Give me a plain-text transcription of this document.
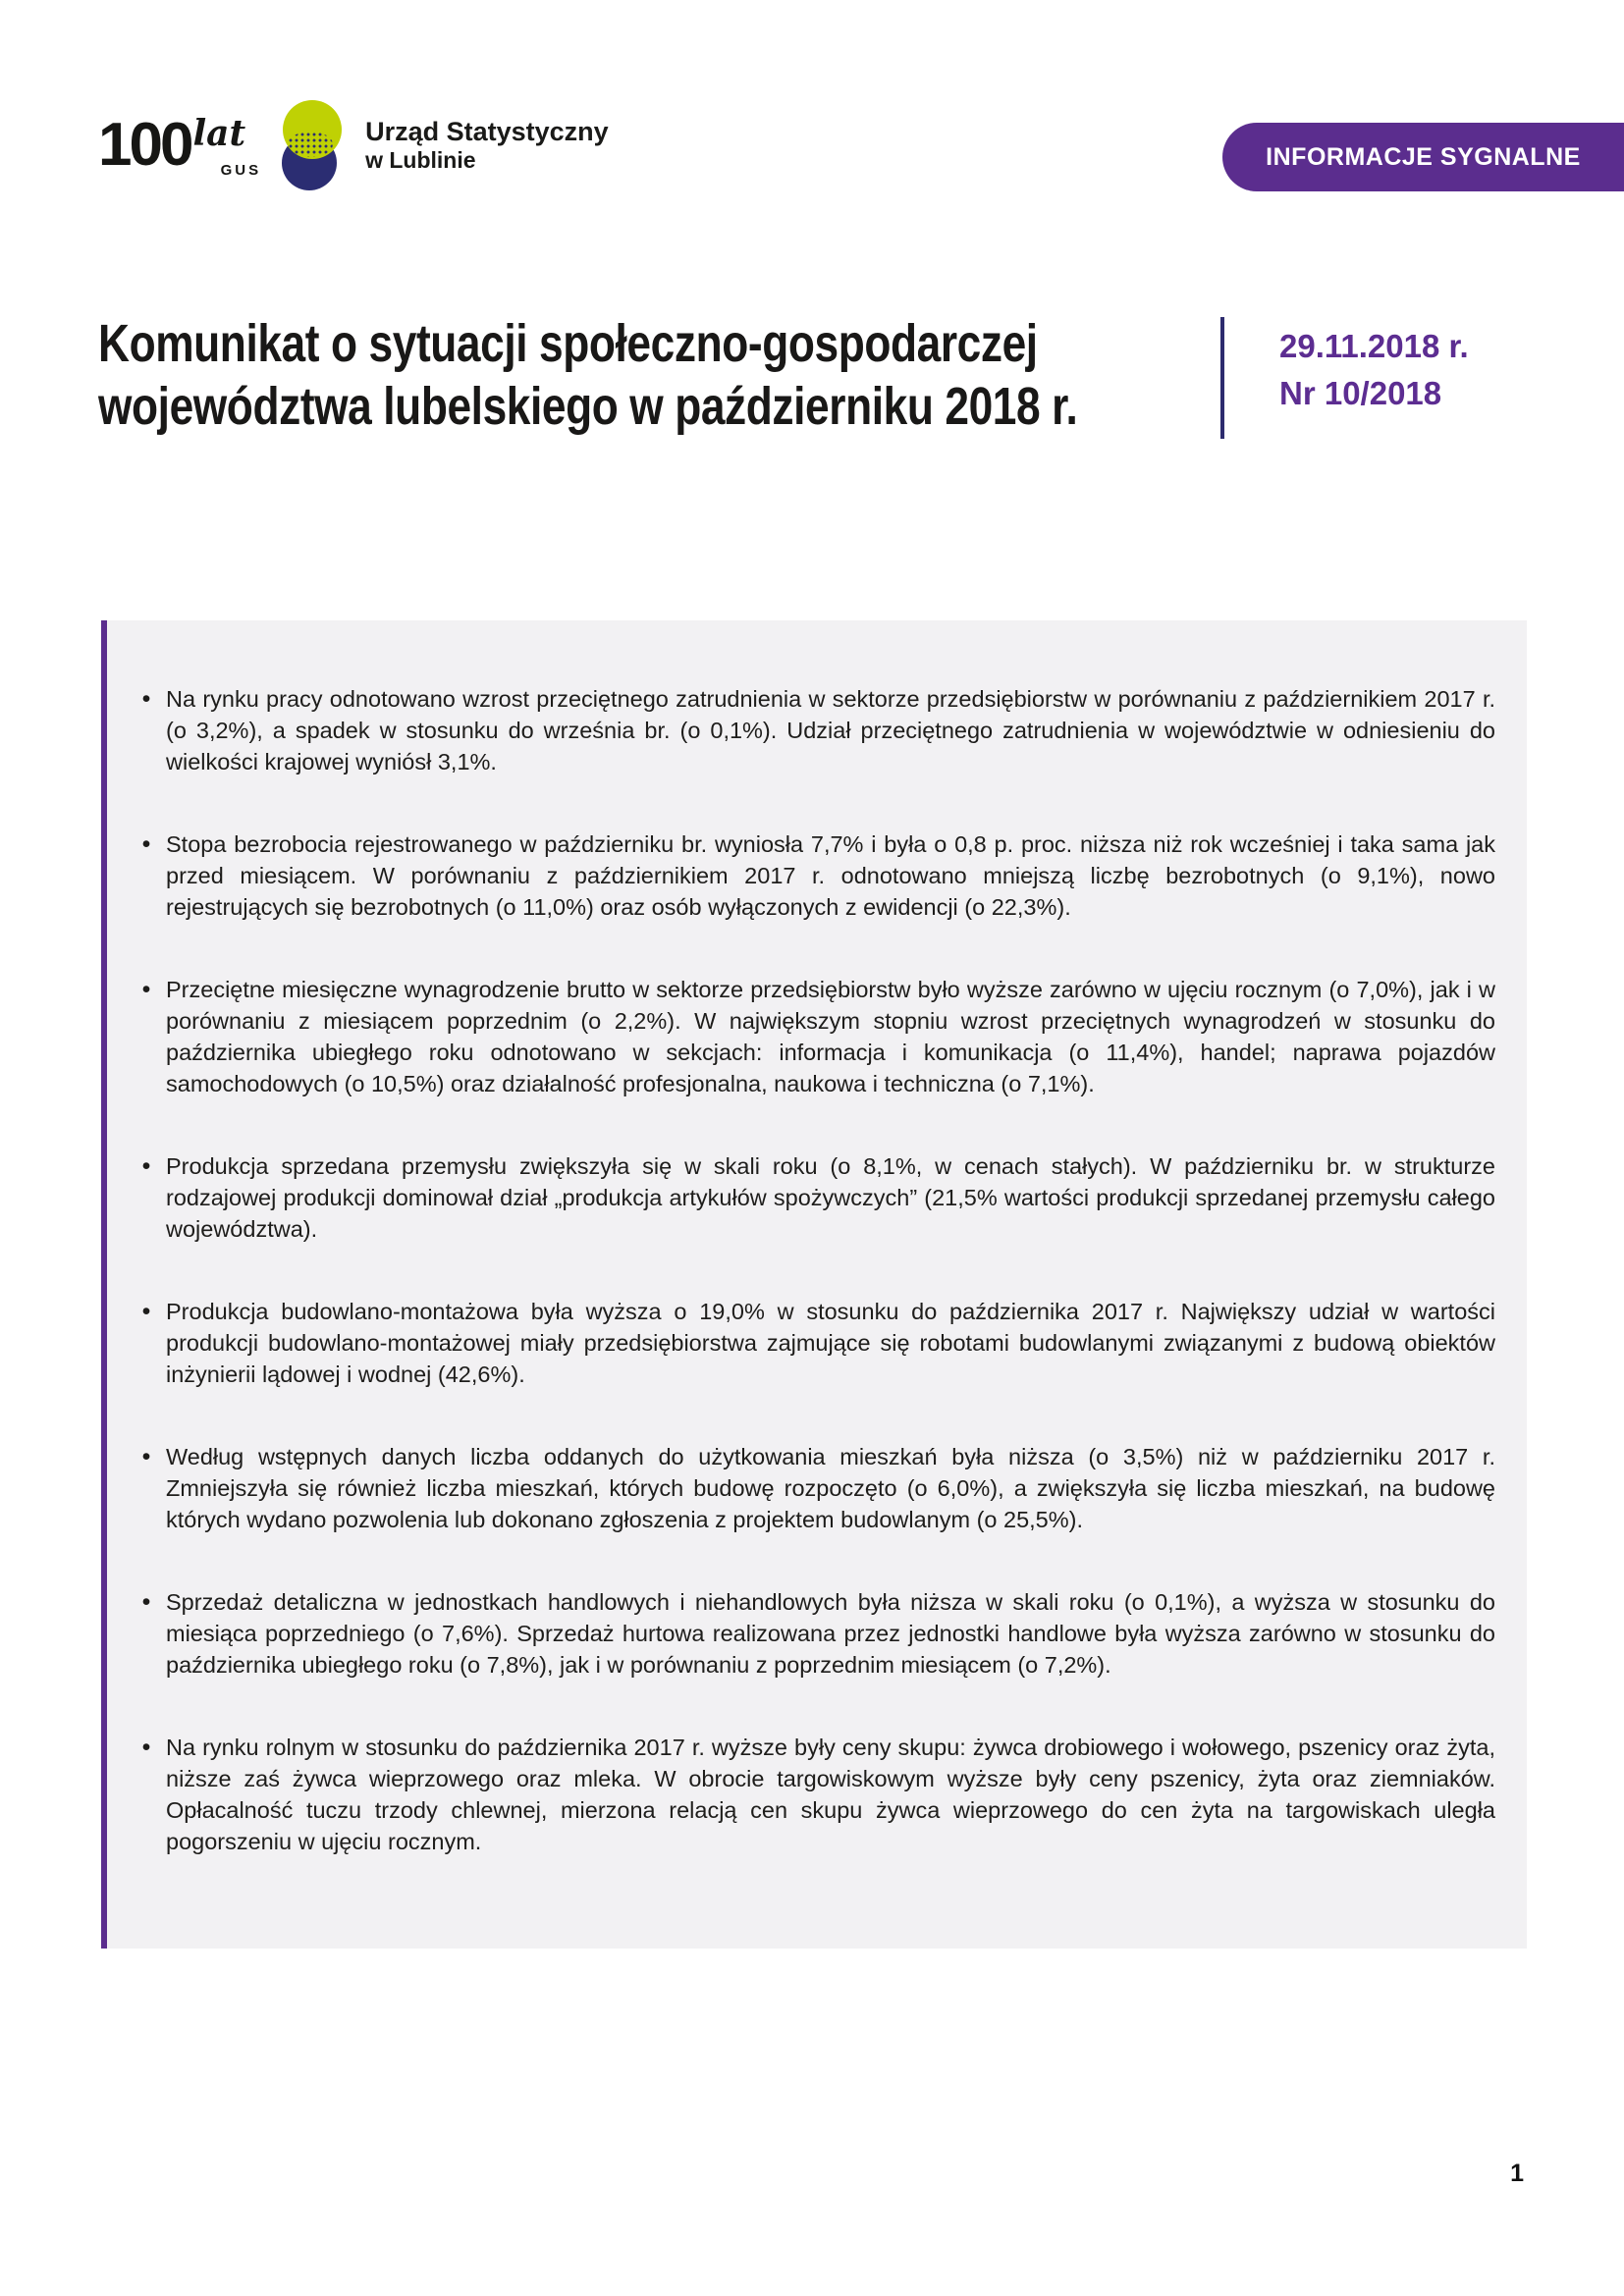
100 lat
GUS
Urząd Statystyczny
w Lublinie	INFORMACJE SYGNALNE
Komunikat o sytuacji społeczno-gospodarczej
województwa lubelskiego w październiku 2018 r.
29.11.2018 r.
Nr 10/2018
• Na rynku pracy odnotowano wzrost przeciętnego zatrudnienia w sektorze przedsiębiorstw w porównaniu z październikiem 2017 r. (o 3,2%), a spadek w stosunku do września br. (o 0,1%). Udział przeciętnego zatrudnienia w województwie w odniesieniu do wielkości krajowej wyniósł 3,1%.
• Stopa bezrobocia rejestrowanego w październiku br. wyniosła 7,7% i była o 0,8 p. proc. niższa niż rok wcześniej i taka sama jak przed miesiącem. W porównaniu z październikiem 2017 r. odnotowano mniejszą liczbę bezrobotnych (o 9,1%), nowo rejestrujących się bezrobotnych (o 11,0%) oraz osób wyłączonych z ewidencji (o 22,3%).
• Przeciętne miesięczne wynagrodzenie brutto w sektorze przedsiębiorstw było wyższe zarówno w ujęciu rocznym (o 7,0%), jak i w porównaniu z miesiącem poprzednim (o 2,2%). W największym stopniu wzrost przeciętnych wynagrodzeń w stosunku do października ubiegłego roku odnotowano w sekcjach: informacja i komunikacja (o 11,4%), handel; naprawa pojazdów samochodowych (o 10,5%) oraz działalność profesjonalna, naukowa i techniczna (o 7,1%).
• Produkcja sprzedana przemysłu zwiększyła się w skali roku (o 8,1%, w cenach stałych). W październiku br. w strukturze rodzajowej produkcji dominował dział „produkcja artykułów spożywczych” (21,5% wartości produkcji sprzedanej przemysłu całego województwa).
• Produkcja budowlano-montażowa była wyższa o 19,0% w stosunku do października 2017 r. Największy udział w wartości produkcji budowlano-montażowej miały przedsiębiorstwa zajmujące się robotami budowlanymi związanymi z budową obiektów inżynierii lądowej i wodnej (42,6%).
• Według wstępnych danych liczba oddanych do użytkowania mieszkań była niższa (o 3,5%) niż w październiku 2017 r. Zmniejszyła się również liczba mieszkań, których budowę rozpoczęto (o 6,0%), a zwiększyła się liczba mieszkań, na budowę których wydano pozwolenia lub dokonano zgłoszenia z projektem budowlanym (o 25,5%).
• Sprzedaż detaliczna w jednostkach handlowych i niehandlowych była niższa w skali roku (o 0,1%), a wyższa w stosunku do miesiąca poprzedniego (o 7,6%). Sprzedaż hurtowa realizowana przez jednostki handlowe była wyższa zarówno w stosunku do października ubiegłego roku (o 7,8%), jak i w porównaniu z poprzednim miesiącem (o 7,2%).
• Na rynku rolnym w stosunku do października 2017 r. wyższe były ceny skupu: żywca drobiowego i wołowego, pszenicy oraz żyta, niższe zaś żywca wieprzowego oraz mleka. W obrocie targowiskowym wyższe były ceny pszenicy, żyta oraz ziemniaków. Opłacalność tuczu trzody chlewnej, mierzona relacją cen skupu żywca wieprzowego do cen żyta na targowiskach uległa pogorszeniu w ujęciu rocznym.
1
